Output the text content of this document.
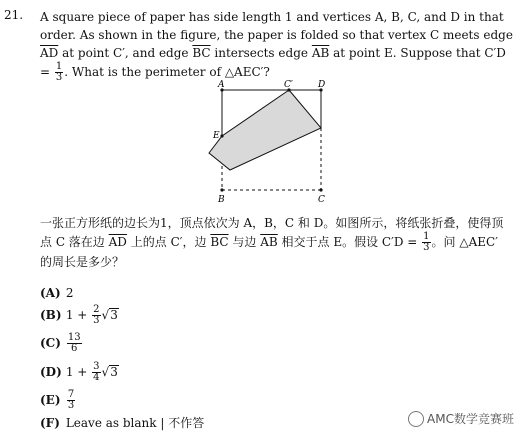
21. A square piece of paper has side length 1 and vertices A, B, C, and D in that order. As shown in the figure, the paper is folded so that vertex C meets edge $\overline{AD}$ at point C′, and edge $\overline{BC}$ intersects edge $\overline{AB}$ at point E. Suppose that $C'D = \frac{1}{3}$ . What is the perimeter of △AEC′?
A	C′	D
E
B	C
一张正方形纸的边长为1，顶点依次为 A，B，C 和 D。如图所示，将纸张折叠，使得顶点 C 落在边 $\overline{AD}$ 上的点 C′，边 $\overline{BC}$ 与边 $\overline{AB}$ 相交于点 E。假设 $C'D = \frac{1}{3}$ 。问 △AEC′ 的周长是多少？
(A) 2
(B) $1 + \frac{2}{3} √3$
$(C) \frac{13}{6}$
(D) $1 + \frac{3}{4} √3$
$(E) \frac{7}{3}$
(F) Leave as blank | 不作答	AMC数学竞赛班
